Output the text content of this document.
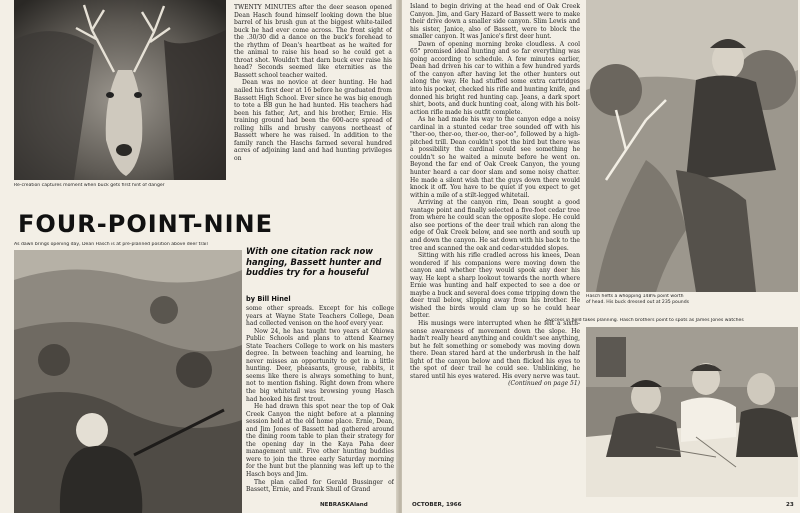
Re-creation captures moment when buck gets first hint of danger

TWENTY MINUTES after the deer season opened Dean Hasch found himself looking down the blue barrel of his brush gun at the biggest white-tailed buck he had ever come across. The front sight of the .30/30 did a dance on the buck's forehead to the rhythm of Dean's heartbeat as he waited for the animal to raise his head so he could get a throat shot. Wouldn't that darn buck ever raise his head? Seconds seemed like eternities as the Bassett school teacher waited.

Dean was no novice at deer hunting. He had nailed his first deer at 16 before he graduated from Bassett High School. Ever since he was big enough to tote a BB gun he had hunted. His teachers had been his father, Art, and his brother, Ernie. His training ground had been the 600-acre spread of rolling hills and brushy canyons northeast of Bassett where he was raised. In addition to the family ranch the Haschs farmed several hundred acres of adjoining land and had hunting privileges on

FOUR-POINT-NINE
As dawn brings opening day, Dean Hasch is at pre-planned position above deer trail
With one citation rack now hanging, Bassett hunter and buddies try for a houseful
by Bill Hinel

some other spreads. Except for his college years at Wayne State Teachers College, Dean had collected venison on the hoof every year.

Now 24, he has taught two years at Ohiowa Public Schools and plans to attend Kearney State Teachers College to work on his masters degree. In between teaching and learning, he never misses an opportunity to get in a little hunting. Deer, pheasants, grouse, rabbits, it seems like there is always something to hunt, not to mention fishing. Right down from where the big whitetail was browsing young Hasch had hooked his first trout.

He had drawn this spot near the top of Oak Creek Canyon the night before at a planning session held at the old home place. Ernie, Dean, and Jim Jones of Bassett had gathered around the dining room table to plan their strategy for the opening day in the Kaya Paha deer management unit. Five other hunting buddies were to join the three early Saturday morning for the hunt but the planning was left up to the Hasch boys and Jim.

The plan called for Gerald Bussinger of Bassett, Ernie, and Frank Shull of Grand

NEBRASKAland

Island to begin driving at the head end of Oak Creek Canyon. Jim, and Gary Hazard of Bassett were to make their drive down a smaller side canyon. Slim Lewis and his sister, Janice, also of Bassett, were to block the smaller canyon. It was Janice's first deer hunt.

Dawn of opening morning broke cloudless. A cool 65° promised ideal hunting and so far everything was going according to schedule. A few minutes earlier, Dean had driven his car to within a few hundred yards of the canyon after having let the other hunters out along the way. He had stuffed some extra cartridges into his pocket, checked his rifle and hunting knife, and donned his bright red hunting cap. Jeans, a dark sport shirt, boots, and duck hunting coat, along with his bolt-action rifle made his outfit complete.

As he had made his way to the canyon edge a noisy cardinal in a stunted cedar tree sounded off with his "ther-oo, ther-oo, ther-oo, ther-oo", followed by a high-pitched trill. Dean couldn't spot the bird but there was a possibility the cardinal could see something he couldn't so he waited a minute before he went on. Beyond the far end of Oak Creek Canyon, the young hunter heard a car door slam and some noisy chatter. He made a silent wish that the guys down there would knock it off. You have to be quiet if you expect to get within a mile of a stilt-legged whitetail.

Arriving at the canyon rim, Dean sought a good vantage point and finally selected a five-foot cedar tree from where he could scan the opposite slope. He could also see portions of the deer trail which ran along the edge of Oak Creek below, and see north and south up and down the canyon. He sat down with his back to the tree and scanned the oak and cedar-studded slopes.

Sitting with his rifle cradled across his knees, Dean wondered if his companions were moving down the canyon and whether they would spook any deer his way. He kept a sharp lookout towards the north where Ernie was hunting and half expected to see a doe or maybe a buck and several does come tripping down the deer trail below, slipping away from his brother. He wished the birds would clam up so he could hear better.

His musings were interrupted when he felt a sixth-sense awareness of movement down the slope. He hadn't really heard anything and couldn't see anything, but he felt something or somebody was moving down there. Dean stared hard at the underbrush in the half light of the canyon below and then flicked his eyes to the spot of deer trail he could see. Unblinking, he stared until his eyes watered. His every nerve was taut.

(Continued on page 51)

Hasch hefts a whopping 148% point worth
of head. His buck dressed out at 235 pounds
Success in field takes planning. Hasch brothers point to spots as James Jones watches
OCTOBER, 1966	23
